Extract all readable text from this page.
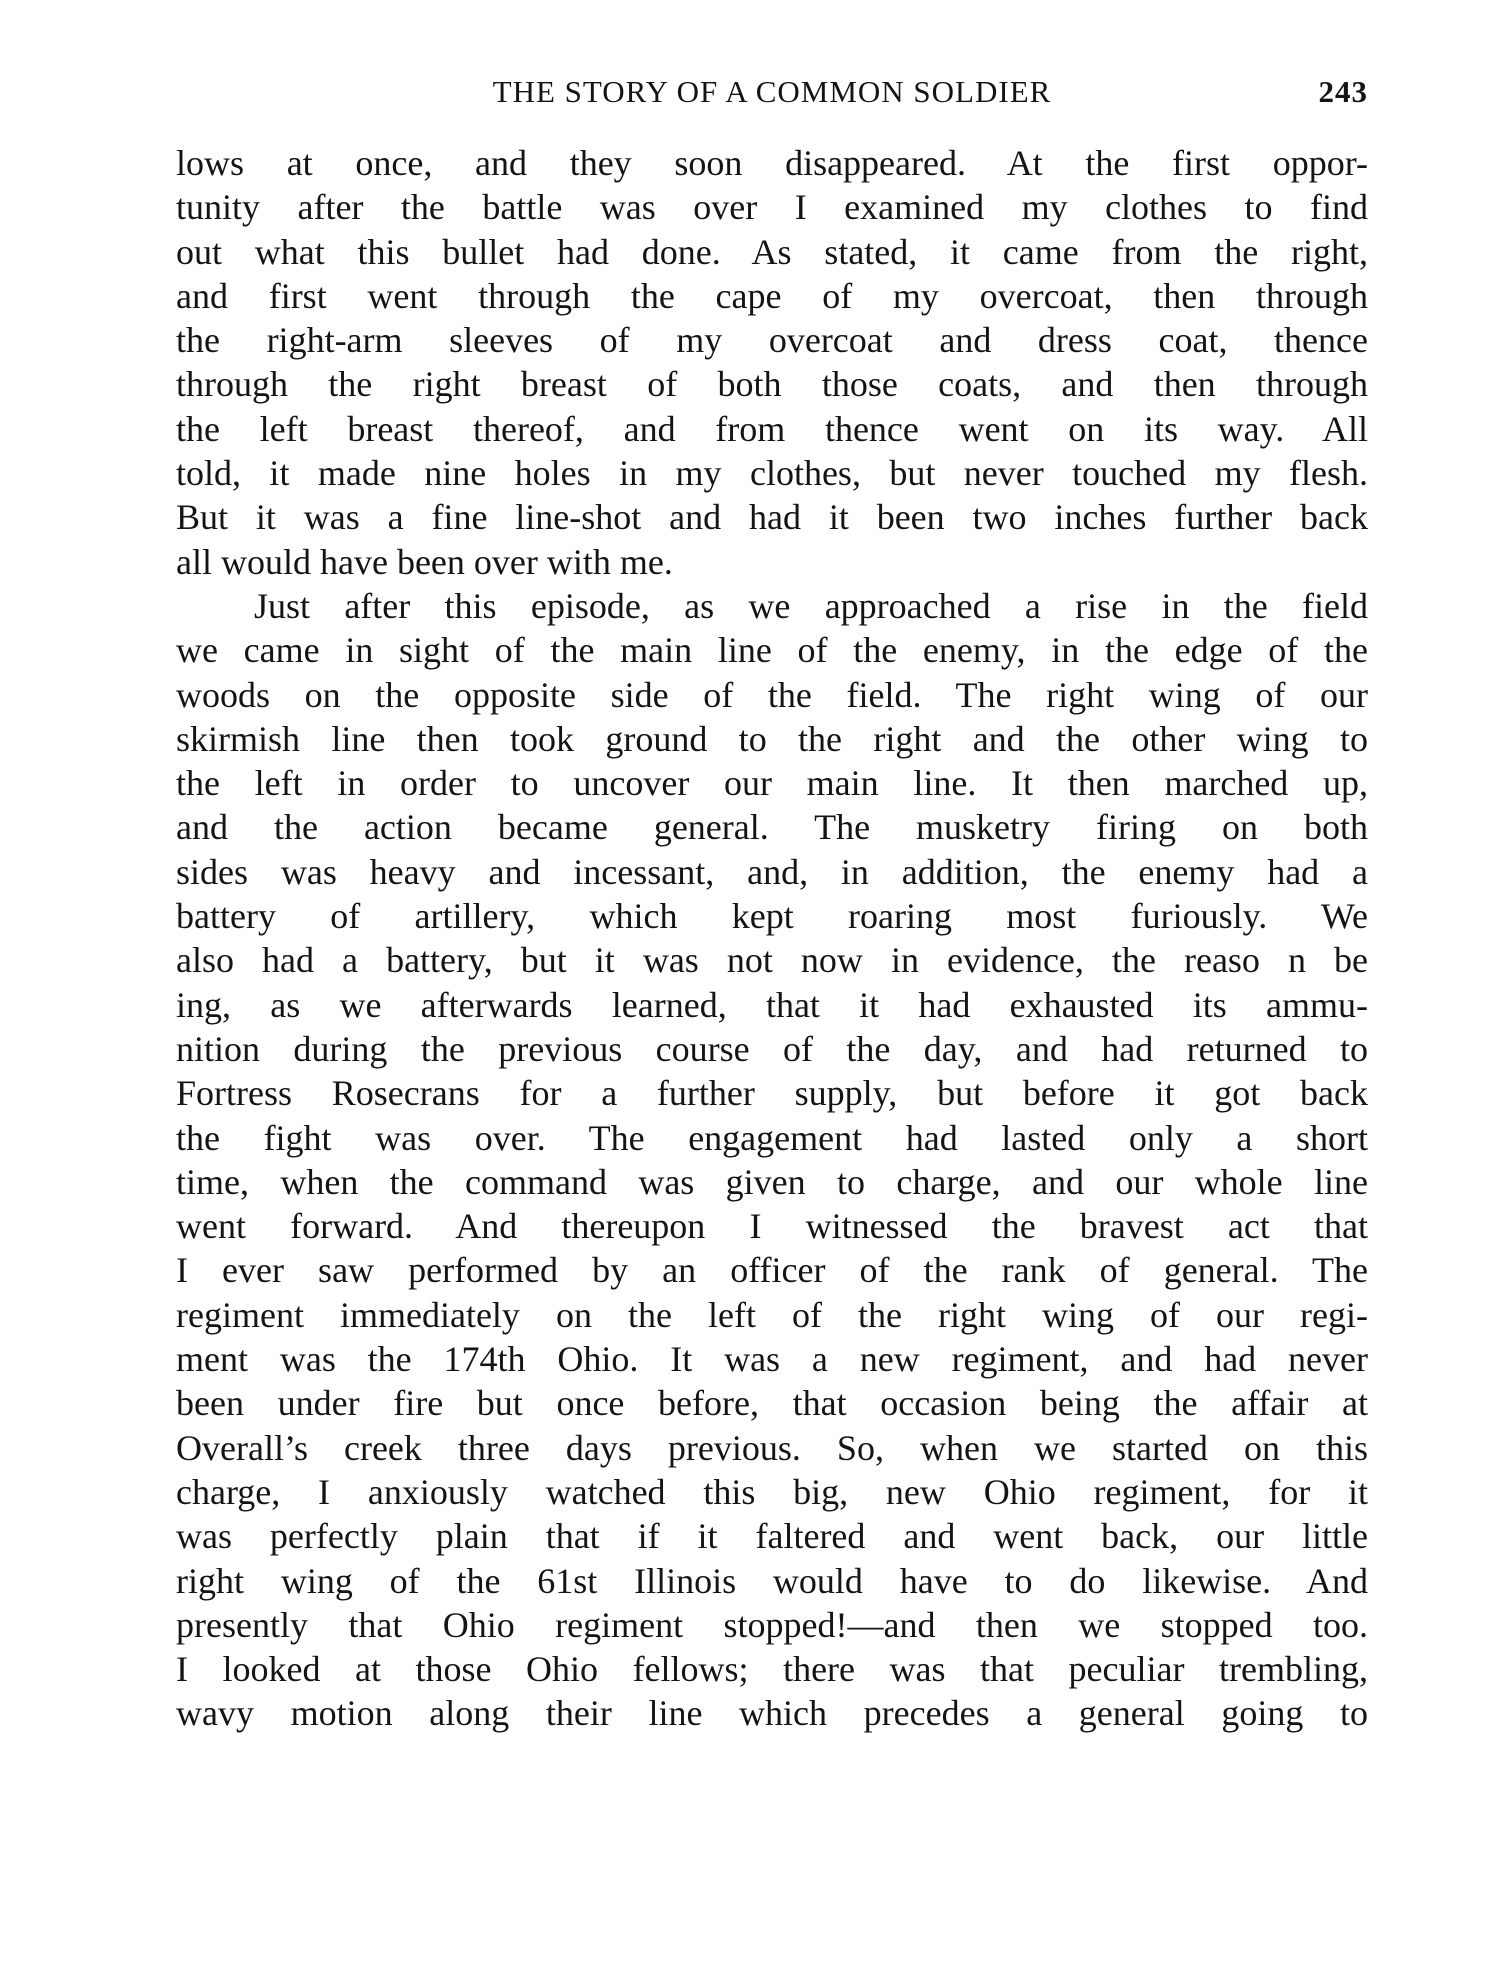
THE STORY OF A COMMON SOLDIER	243
lows at once, and they soon disappeared. At the first oppor-
tunity after the battle was over I examined my clothes to find
out what this bullet had done. As stated, it came from the right,
and first went through the cape of my overcoat, then through
the right-arm sleeves of my overcoat and dress coat, thence
through the right breast of both those coats, and then through
the left breast thereof, and from thence went on its way. All
told, it made nine holes in my clothes, but never touched my flesh.
But it was a fine line-shot and had it been two inches further back
all would have been over with me.
Just after this episode, as we approached a rise in the field
we came in sight of the main line of the enemy, in the edge of the
woods on the opposite side of the field. The right wing of our
skirmish line then took ground to the right and the other wing to
the left in order to uncover our main line. It then marched up,
and the action became general. The musketry firing on both
sides was heavy and incessant, and, in addition, the enemy had a
battery of artillery, which kept roaring most furiously. We
also had a battery, but it was not now in evidence, the reaso n be
ing, as we afterwards learned, that it had exhausted its ammu-
nition during the previous course of the day, and had returned to
Fortress Rosecrans for a further supply, but before it got back
the fight was over. The engagement had lasted only a short
time, when the command was given to charge, and our whole line
went forward. And thereupon I witnessed the bravest act that
I ever saw performed by an officer of the rank of general. The
regiment immediately on the left of the right wing of our regi-
ment was the 174th Ohio. It was a new regiment, and had never
been under fire but once before, that occasion being the affair at
Overall’s creek three days previous. So, when we started on this
charge, I anxiously watched this big, new Ohio regiment, for it
was perfectly plain that if it faltered and went back, our little
right wing of the 61st Illinois would have to do likewise. And
presently that Ohio regiment stopped!—and then we stopped too.
I looked at those Ohio fellows; there was that peculiar trembling,
wavy motion along their line which precedes a general going to
